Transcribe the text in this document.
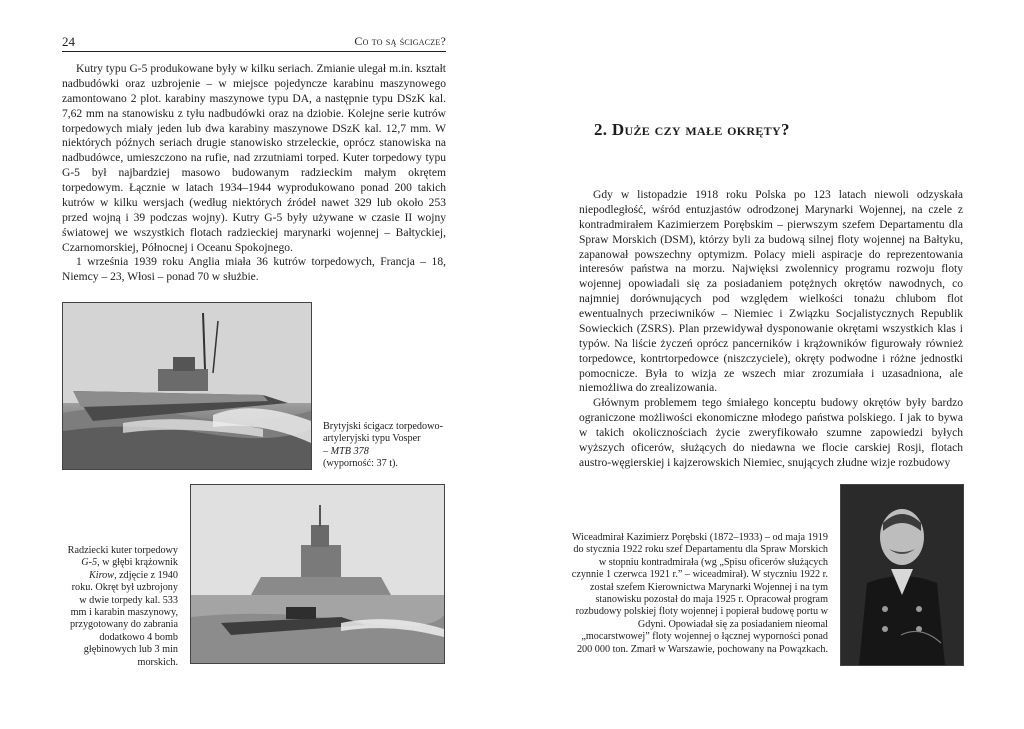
24	Co to są ścigacze?

Kutry typu G-5 produkowane były w kilku seriach. Zmianie ulegał m.in. kształt nadbudówki oraz uzbrojenie – w miejsce pojedyncze karabinu maszynowego zamontowano 2 plot. karabiny maszynowe typu DA, a następnie typu DSzK kal. 7,62 mm na stanowisku z tyłu nadbudówki oraz na dziobie. Kolejne serie kutrów torpedowych miały jeden lub dwa karabiny maszynowe DSzK kal. 12,7 mm. W niektórych późnych seriach drugie stanowisko strzeleckie, oprócz stanowiska na nadbudówce, umieszczono na rufie, nad zrzutniami torped. Kuter torpedowy typu G-5 był najbardziej masowo budowanym radzieckim małym okrętem torpedowym. Łącznie w latach 1934–1944 wyprodukowano ponad 200 takich kutrów w kilku wersjach (według niektórych źródeł nawet 329 lub około 253 przed wojną i 39 podczas wojny). Kutry G-5 były używane w czasie II wojny światowej we wszystkich flotach radzieckiej marynarki wojennej – Bałtyckiej, Czarnomorskiej, Północnej i Oceanu Spokojnego.

1 września 1939 roku Anglia miała 36 kutrów torpedowych, Francja – 18, Niemcy – 23, Włosi – ponad 70 w służbie.

Brytyjski ścigacz torpedowo-artyleryjski typu Vosper
– MTB 378
(wyporność: 37 t).
Radziecki kuter torpedowy G-5, w głębi krążownik Kirow, zdjęcie z 1940 roku. Okręt był uzbrojony w dwie torpedy kal. 533 mm i karabin maszynowy, przygotowany do zabrania dodatkowo 4 bomb głębinowych lub 3 min morskich.
2. Duże czy małe okręty?

Gdy w listopadzie 1918 roku Polska po 123 latach niewoli odzyskała niepodległość, wśród entuzjastów odrodzonej Marynarki Wojennej, na czele z kontradmirałem Kazimierzem Porębskim – pierwszym szefem Departamentu dla Spraw Morskich (DSM), którzy byli za budową silnej floty wojennej na Bałtyku, zapanował powszechny optymizm. Polacy mieli aspiracje do reprezentowania interesów państwa na morzu. Najwięksi zwolennicy programu rozwoju floty wojennej opowiadali się za posiadaniem potężnych okrętów nawodnych, co najmniej dorównujących pod względem wielkości tonażu chlubom flot ewentualnych przeciwników – Niemiec i Związku Socjalistycznych Republik Sowieckich (ZSRS). Plan przewidywał dysponowanie okrętami wszystkich klas i typów. Na liście życzeń oprócz pancerników i krążowników figurowały również torpedowce, kontrtorpedowce (niszczyciele), okręty podwodne i różne jednostki pomocnicze. Była to wizja ze wszech miar zrozumiała i uzasadniona, ale niemożliwa do zrealizowania.

Głównym problemem tego śmiałego konceptu budowy okrętów były bardzo ograniczone możliwości ekonomiczne młodego państwa polskiego. I jak to bywa w takich okolicznościach życie zweryfikowało szumne zapowiedzi byłych wyższych oficerów, służących do niedawna we flocie carskiej Rosji, flotach austro-węgierskiej i kajzerowskich Niemiec, snujących złudne wizje rozbudowy

Wiceadmirał Kazimierz Porębski (1872–1933) – od maja 1919 do stycznia 1922 roku szef Departamentu dla Spraw Morskich w stopniu kontradmirała (wg „Spisu oficerów służących czynnie 1 czerwca 1921 r.” – wiceadmirał). W styczniu 1922 r. został szefem Kierownictwa Marynarki Wojennej i na tym stanowisku pozostał do maja 1925 r. Opracował program rozbudowy polskiej floty wojennej i popierał budowę portu w Gdyni. Opowiadał się za posiadaniem nieomal „mocarstwowej” floty wojennej o łącznej wyporności ponad 200 000 ton. Zmarł w Warszawie, pochowany na Powązkach.
